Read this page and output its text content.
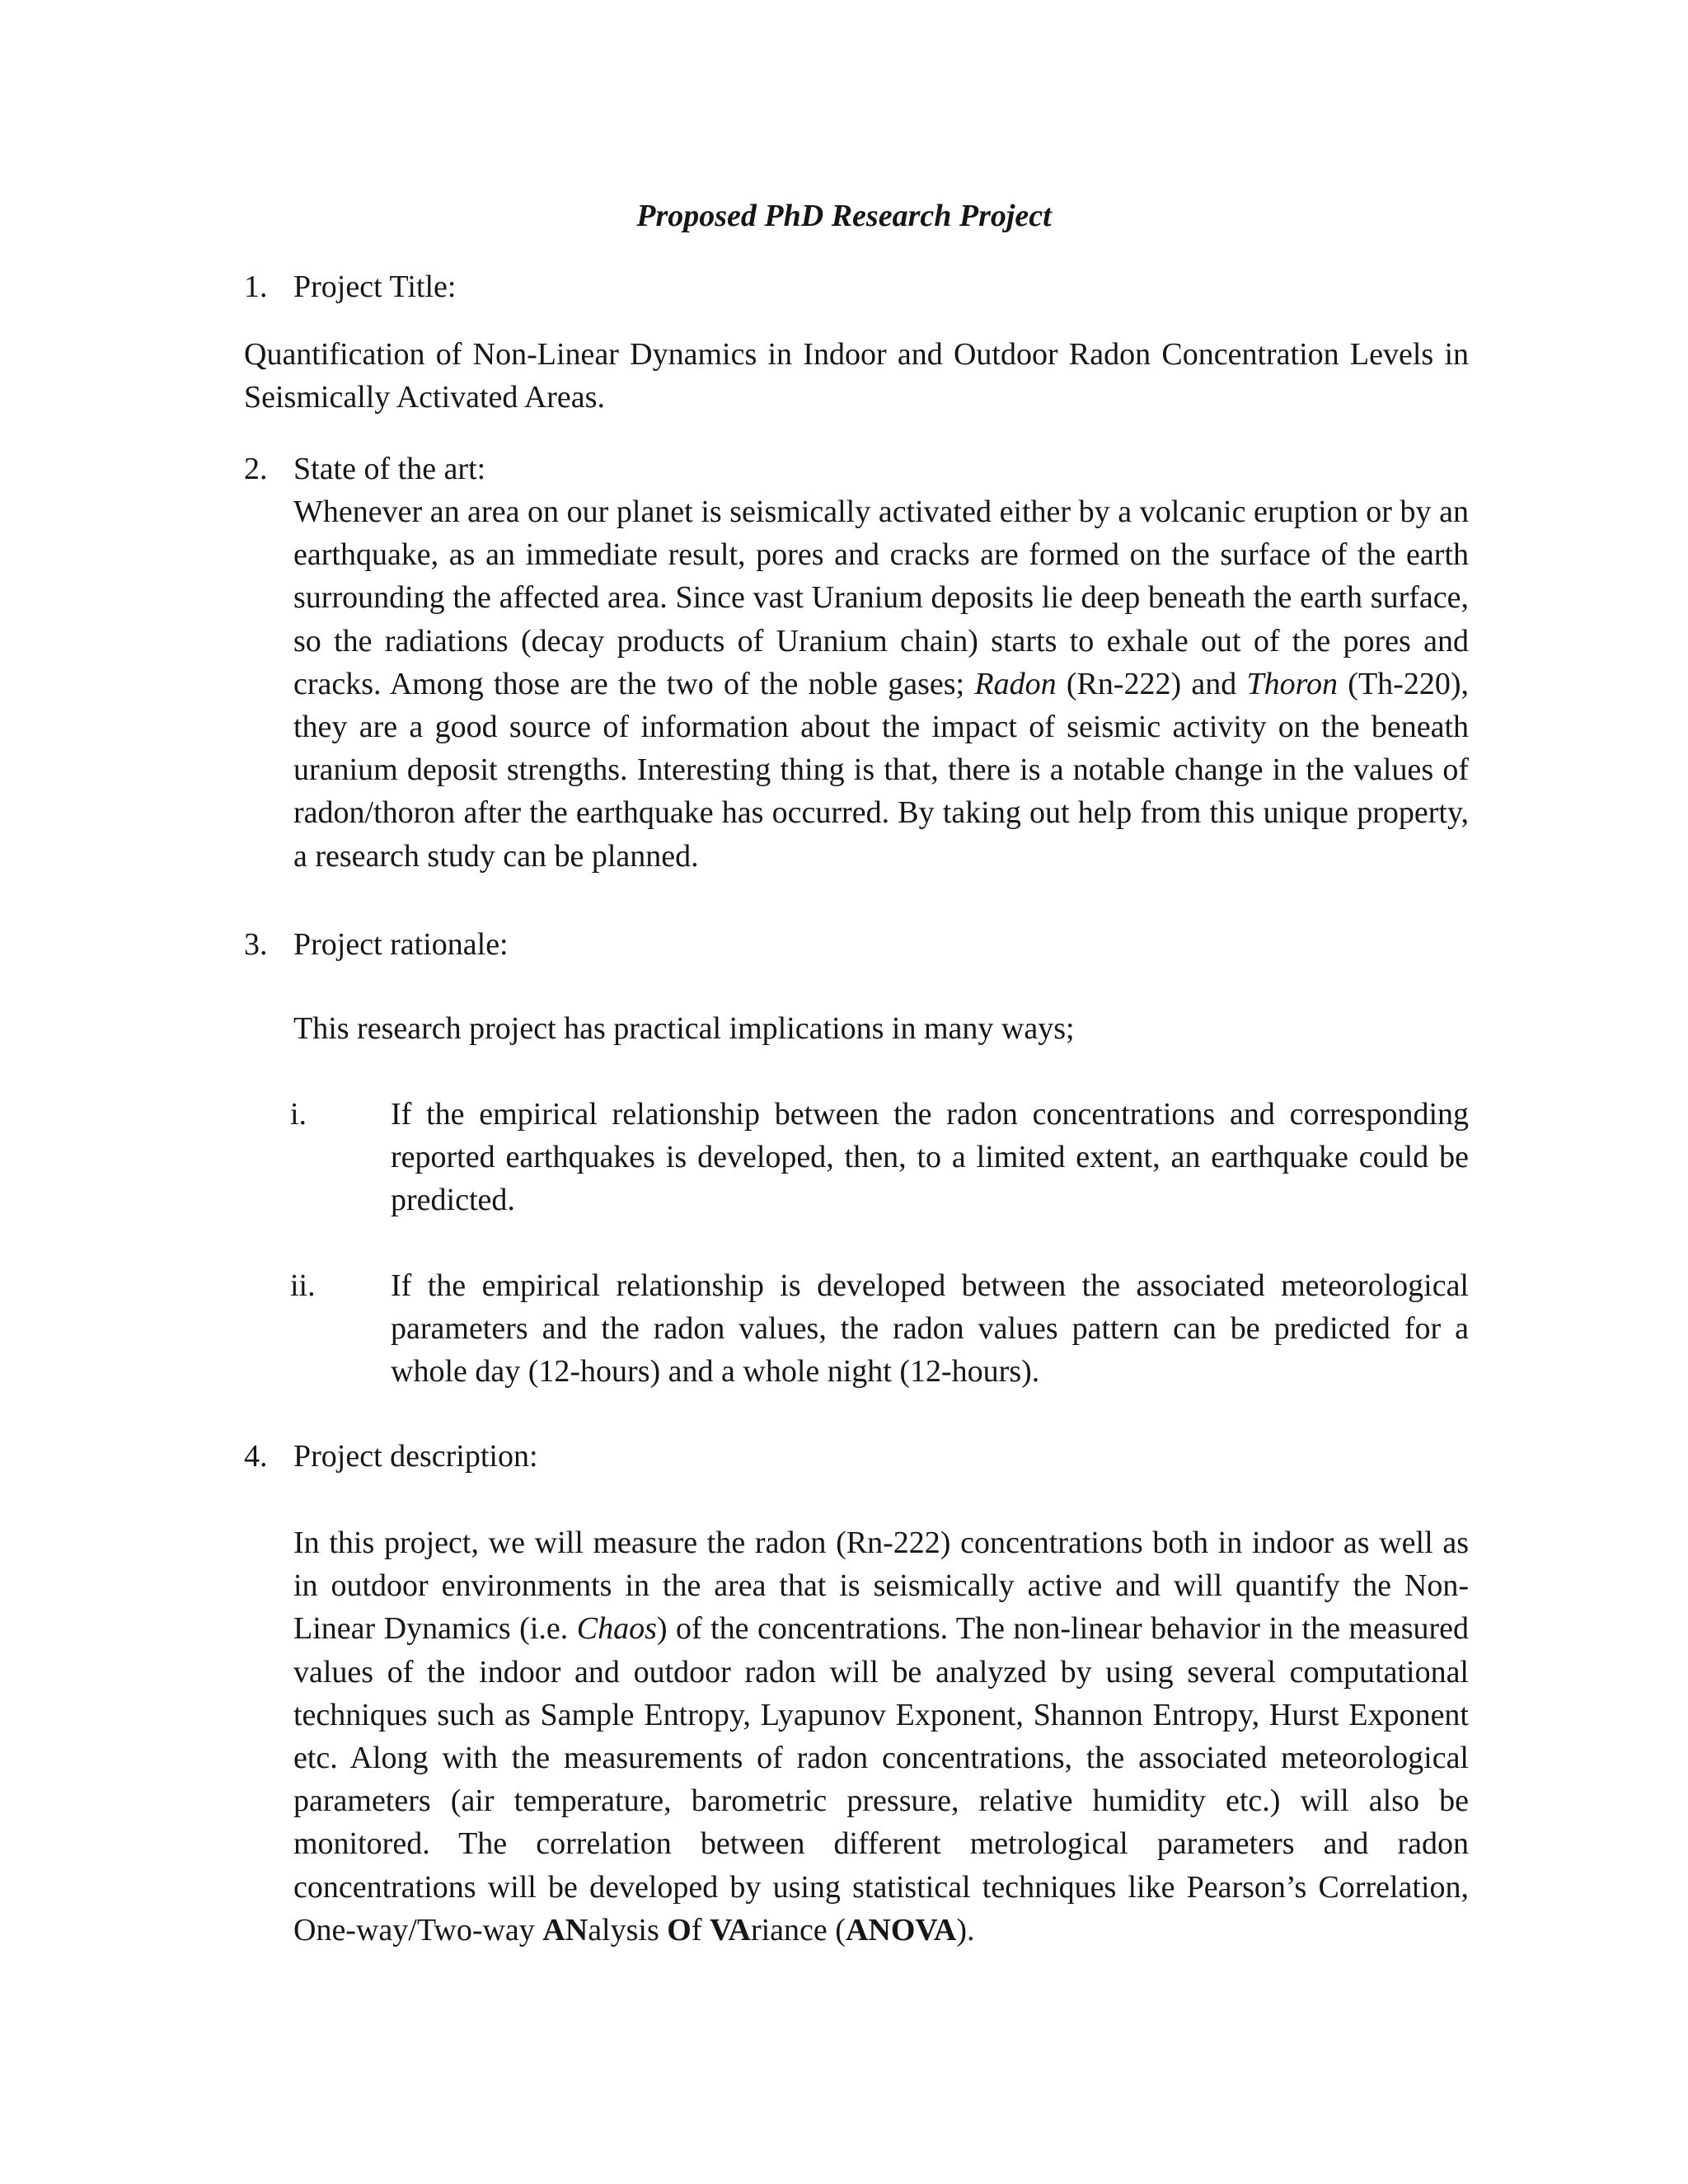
Proposed PhD Research Project
1. Project Title:
Quantification of Non-Linear Dynamics in Indoor and Outdoor Radon Concentration Levels in Seismically Activated Areas.
2. State of the art:
Whenever an area on our planet is seismically activated either by a volcanic eruption or by an earthquake, as an immediate result, pores and cracks are formed on the surface of the earth surrounding the affected area. Since vast Uranium deposits lie deep beneath the earth surface, so the radiations (decay products of Uranium chain) starts to exhale out of the pores and cracks. Among those are the two of the noble gases; Radon (Rn-222) and Thoron (Th-220), they are a good source of information about the impact of seismic activity on the beneath uranium deposit strengths. Interesting thing is that, there is a notable change in the values of radon/thoron after the earthquake has occurred. By taking out help from this unique property, a research study can be planned.
3. Project rationale:
This research project has practical implications in many ways;
i.	If the empirical relationship between the radon concentrations and corresponding reported earthquakes is developed, then, to a limited extent, an earthquake could be predicted.
ii.	If the empirical relationship is developed between the associated meteorological parameters and the radon values, the radon values pattern can be predicted for a whole day (12-hours) and a whole night (12-hours).
4. Project description:
In this project, we will measure the radon (Rn-222) concentrations both in indoor as well as in outdoor environments in the area that is seismically active and will quantify the Non-Linear Dynamics (i.e. Chaos) of the concentrations. The non-linear behavior in the measured values of the indoor and outdoor radon will be analyzed by using several computational techniques such as Sample Entropy, Lyapunov Exponent, Shannon Entropy, Hurst Exponent etc. Along with the measurements of radon concentrations, the associated meteorological parameters (air temperature, barometric pressure, relative humidity etc.) will also be monitored. The correlation between different metrological parameters and radon concentrations will be developed by using statistical techniques like Pearson’s Correlation, One-way/Two-way ANalysis Of VAriance (ANOVA).
